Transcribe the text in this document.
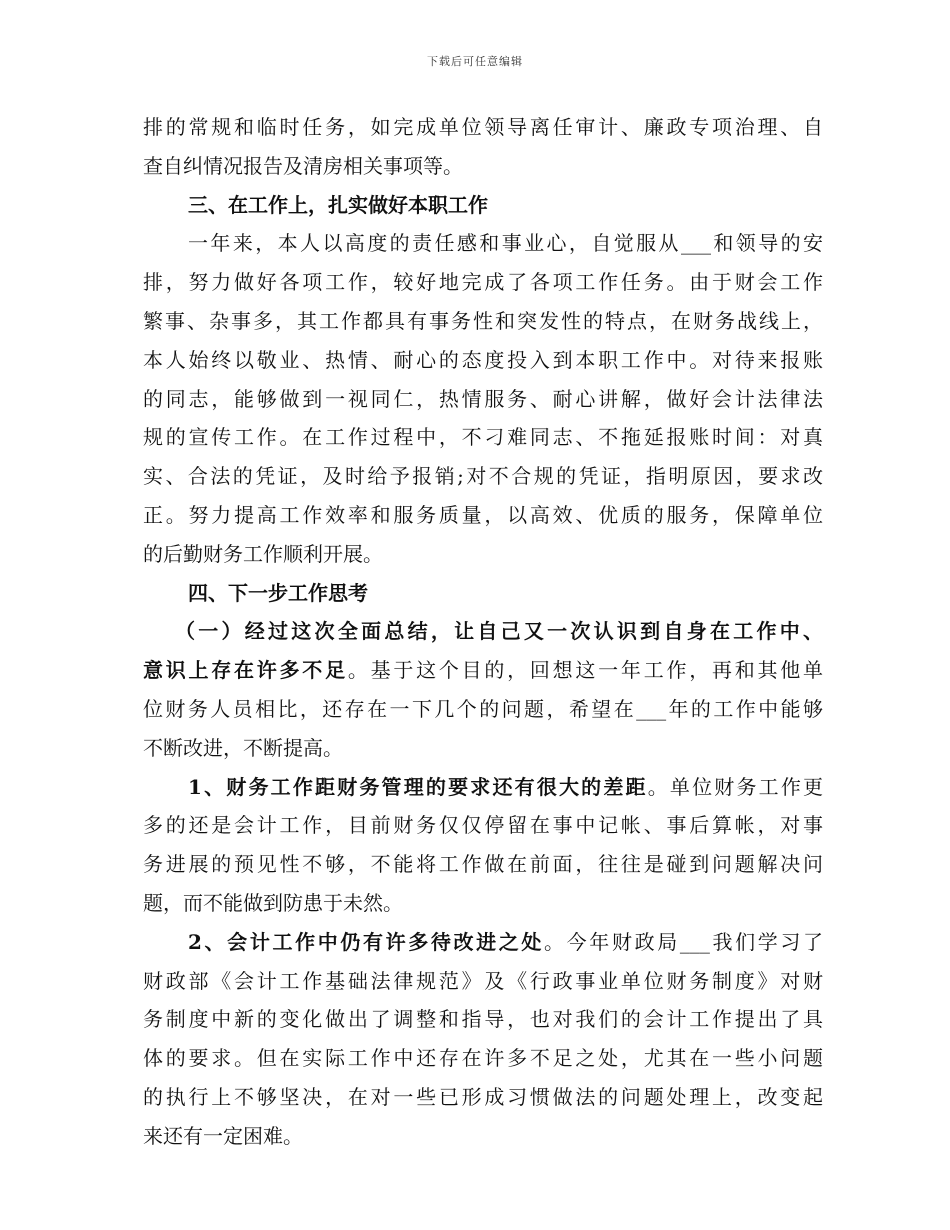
下载后可任意编辑
排的常规和临时任务，如完成单位领导离任审计、廉政专项治理、自
查自纠情况报告及清房相关事项等。
三、在工作上，扎实做好本职工作
一年来，本人以高度的责任感和事业心，自觉服从___和领导的安
排，努力做好各项工作，较好地完成了各项工作任务。由于财会工作
繁事、杂事多，其工作都具有事务性和突发性的特点，在财务战线上，
本人始终以敬业、热情、耐心的态度投入到本职工作中。对待来报账
的同志，能够做到一视同仁，热情服务、耐心讲解，做好会计法律法
规的宣传工作。在工作过程中，不刁难同志、不拖延报账时间：对真
实、合法的凭证，及时给予报销;对不合规的凭证，指明原因，要求改
正。努力提高工作效率和服务质量，以高效、优质的服务，保障单位
的后勤财务工作顺利开展。
四、下一步工作思考
（一）经过这次全面总结，让自己又一次认识到自身在工作中、
意识上存在许多不足。基于这个目的，回想这一年工作，再和其他单
位财务人员相比，还存在一下几个的问题，希望在___年的工作中能够
不断改进，不断提高。
1、财务工作距财务管理的要求还有很大的差距。单位财务工作更
多的还是会计工作，目前财务仅仅停留在事中记帐、事后算帐，对事
务进展的预见性不够，不能将工作做在前面，往往是碰到问题解决问
题，而不能做到防患于未然。
2、会计工作中仍有许多待改进之处。今年财政局___我们学习了
财政部《会计工作基础法律规范》及《行政事业单位财务制度》对财
务制度中新的变化做出了调整和指导，也对我们的会计工作提出了具
体的要求。但在实际工作中还存在许多不足之处，尤其在一些小问题
的执行上不够坚决，在对一些已形成习惯做法的问题处理上，改变起
来还有一定困难。
